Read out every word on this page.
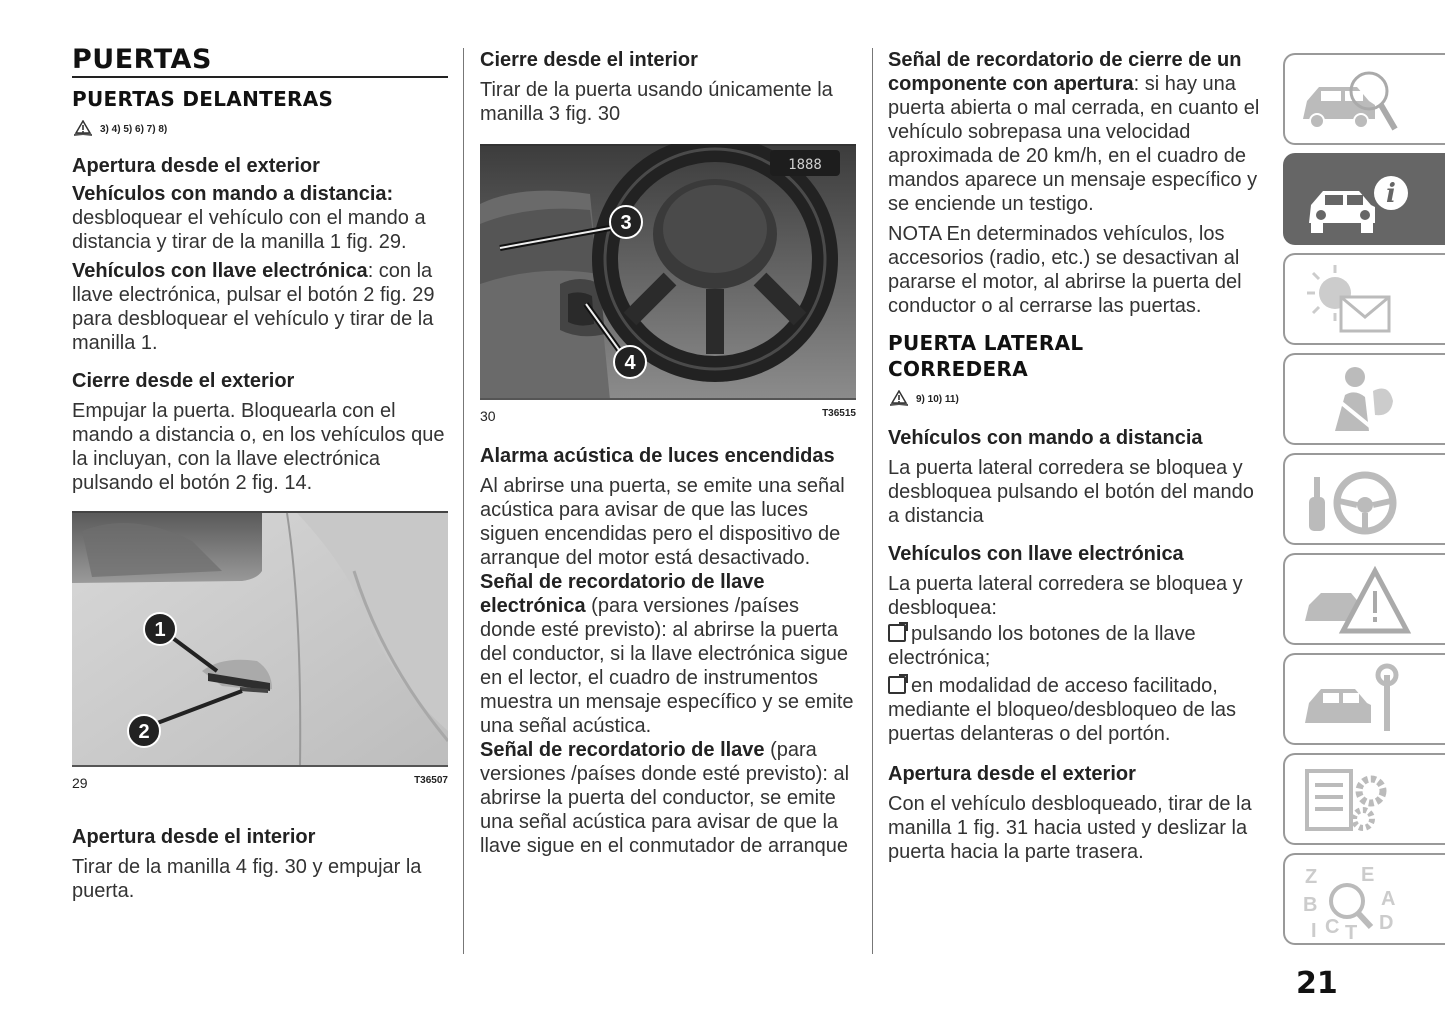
PUERTAS
PUERTAS DELANTERAS
3) 4) 5) 6) 7) 8)
Apertura desde el exterior

Vehículos con mando a distancia: desbloquear el vehículo con el mando a distancia y tirar de la manilla 1 fig. 29.

Vehículos con llave electrónica: con la llave electrónica, pulsar el botón 2 fig. 29 para desbloquear el vehículo y tirar de la manilla 1.

Cierre desde el exterior

Empujar la puerta. Bloquearla con el mando a distancia o, en los vehículos que la incluyan, con la llave electrónica pulsando el botón 2 fig. 14.

1
2
29	T36507
Apertura desde el interior

Tirar de la manilla 4 fig. 30 y empujar la puerta.

Cierre desde el interior

Tirar de la puerta usando únicamente la manilla 3 fig. 30

1888
3
4
30	T36515
Alarma acústica de luces encendidas

Al abrirse una puerta, se emite una señal acústica para avisar de que las luces siguen encendidas pero el dispositivo de arranque del motor está desactivado.

Señal de recordatorio de llave electrónica (para versiones /países donde esté previsto): al abrirse la puerta del conductor, si la llave electrónica sigue en el lector, el cuadro de instrumentos muestra un mensaje específico y se emite una señal acústica.

Señal de recordatorio de llave (para versiones /países donde esté previsto): al abrirse la puerta del conductor, se emite una señal acústica para avisar de que la llave sigue en el conmutador de arranque

Señal de recordatorio de cierre de un componente con apertura: si hay una puerta abierta o mal cerrada, en cuanto el vehículo sobrepasa una velocidad aproximada de 20 km/h, en el cuadro de mandos aparece un mensaje específico y se enciende un testigo.

NOTA En determinados vehículos, los accesorios (radio, etc.) se desactivan al pararse el motor, al abrirse la puerta del conductor o al cerrarse las puertas.

PUERTA LATERAL CORREDERA
9) 10) 11)
Vehículos con mando a distancia

La puerta lateral corredera se bloquea y desbloquea pulsando el botón del mando a distancia

Vehículos con llave electrónica

La puerta lateral corredera se bloquea y desbloquea:

pulsando los botones de la llave electrónica;

en modalidad de acceso facilitado, mediante el bloqueo/desbloqueo de las puertas delanteras o del portón.

Apertura desde el exterior

Con el vehículo desbloqueado, tirar de la manilla 1 fig. 31 hacia usted y deslizar la puerta hacia la parte trasera.

i
Z E
B	A
I C T D
21
